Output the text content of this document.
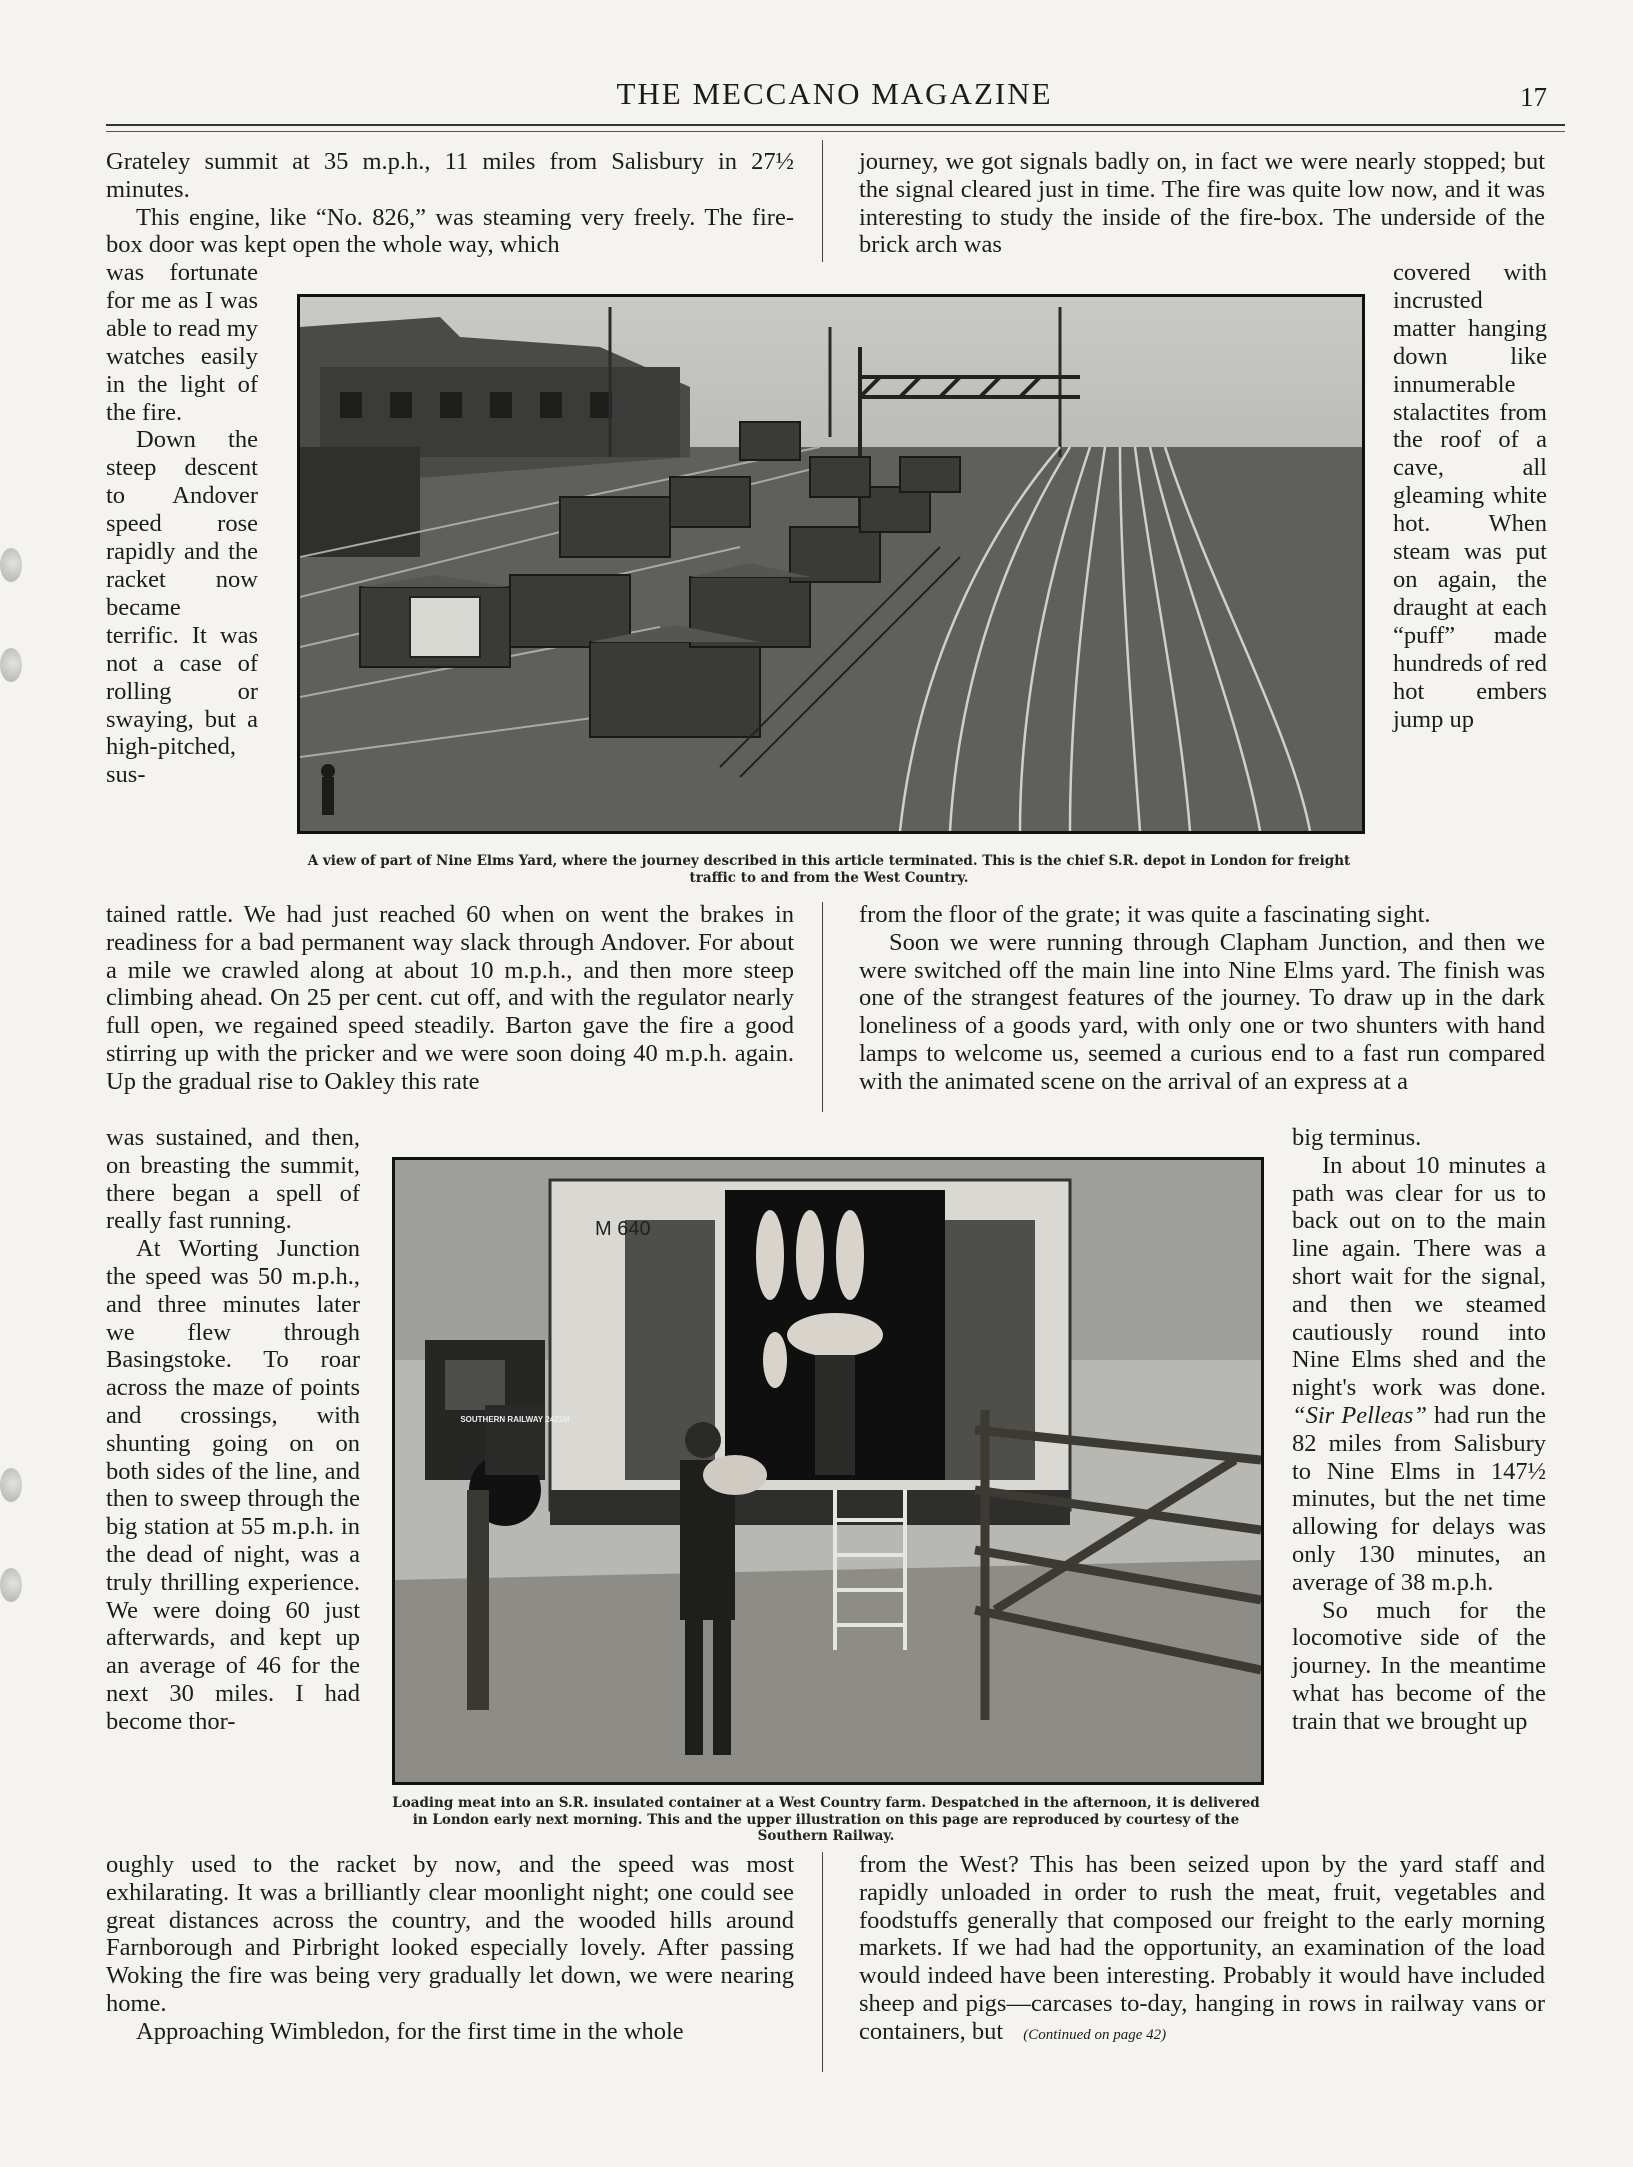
THE MECCANO MAGAZINE	17

Grateley summit at 35 m.p.h., 11 miles from Salisbury in 27½ minutes.

This engine, like “No. 826,” was steaming very freely. The fire-box door was kept open the whole way, which

was fortunate for me as I was able to read my watches easily in the light of the fire.

Down the steep descent to Andover speed rose rapidly and the racket now became terrific. It was not a case of rolling or swaying, but a high-pitched, sus-

tained rattle. We had just reached 60 when on went the brakes in readiness for a bad permanent way slack through Andover. For about a mile we crawled along at about 10 m.p.h., and then more steep climbing ahead. On 25 per cent. cut off, and with the regulator nearly full open, we regained speed steadily. Barton gave the fire a good stirring up with the pricker and we were soon doing 40 m.p.h. again. Up the gradual rise to Oakley this rate

was sustained, and then, on breasting the summit, there began a spell of really fast running.

At Worting Junction the speed was 50 m.p.h., and three minutes later we flew through Basingstoke. To roar across the maze of points and crossings, with shunting going on on both sides of the line, and then to sweep through the big station at 55 m.p.h. in the dead of night, was a truly thrilling experience. We were doing 60 just afterwards, and kept up an average of 46 for the next 30 miles. I had become thor-

oughly used to the racket by now, and the speed was most exhilarating. It was a brilliantly clear moonlight night; one could see great distances across the country, and the wooded hills around Farnborough and Pirbright looked especially lovely. After passing Woking the fire was being very gradually let down, we were nearing home.

Approaching Wimbledon, for the first time in the whole

journey, we got signals badly on, in fact we were nearly stopped; but the signal cleared just in time. The fire was quite low now, and it was interesting to study the inside of the fire-box. The underside of the brick arch was

covered with incrusted matter hanging down like innumerable stalactites from the roof of a cave, all gleaming white hot. When steam was put on again, the draught at each “puff” made hundreds of red hot embers jump up

from the floor of the grate; it was quite a fascinating sight.

Soon we were running through Clapham Junction, and then we were switched off the main line into Nine Elms yard. The finish was one of the strangest features of the journey. To draw up in the dark loneliness of a goods yard, with only one or two shunters with hand lamps to welcome us, seemed a curious end to a fast run compared with the animated scene on the arrival of an express at a

big terminus.

In about 10 minutes a path was clear for us to back out on to the main line again. There was a short wait for the signal, and then we steamed cautiously round into Nine Elms shed and the night's work was done. “Sir Pelleas” had run the 82 miles from Salisbury to Nine Elms in 147½ minutes, but the net time allowing for delays was only 130 minutes, an average of 38 m.p.h.

So much for the locomotive side of the journey. In the meantime what has become of the train that we brought up

from the West? This has been seized upon by the yard staff and rapidly unloaded in order to rush the meat, fruit, vegetables and foodstuffs generally that composed our freight to the early morning markets. If we had had the opportunity, an examination of the load would indeed have been interesting. Probably it would have included sheep and pigs—carcases to-day, hanging in rows in railway vans or containers, but (Continued on page 42)

A view of part of Nine Elms Yard, where the journey described in this article terminated. This is the chief S.R. depot in London for freight traffic to and from the West Country.
M 640
SOUTHERN RAILWAY 2421M
Loading meat into an S.R. insulated container at a West Country farm. Despatched in the afternoon, it is delivered in London early next morning. This and the upper illustration on this page are reproduced by courtesy of the Southern Railway.
